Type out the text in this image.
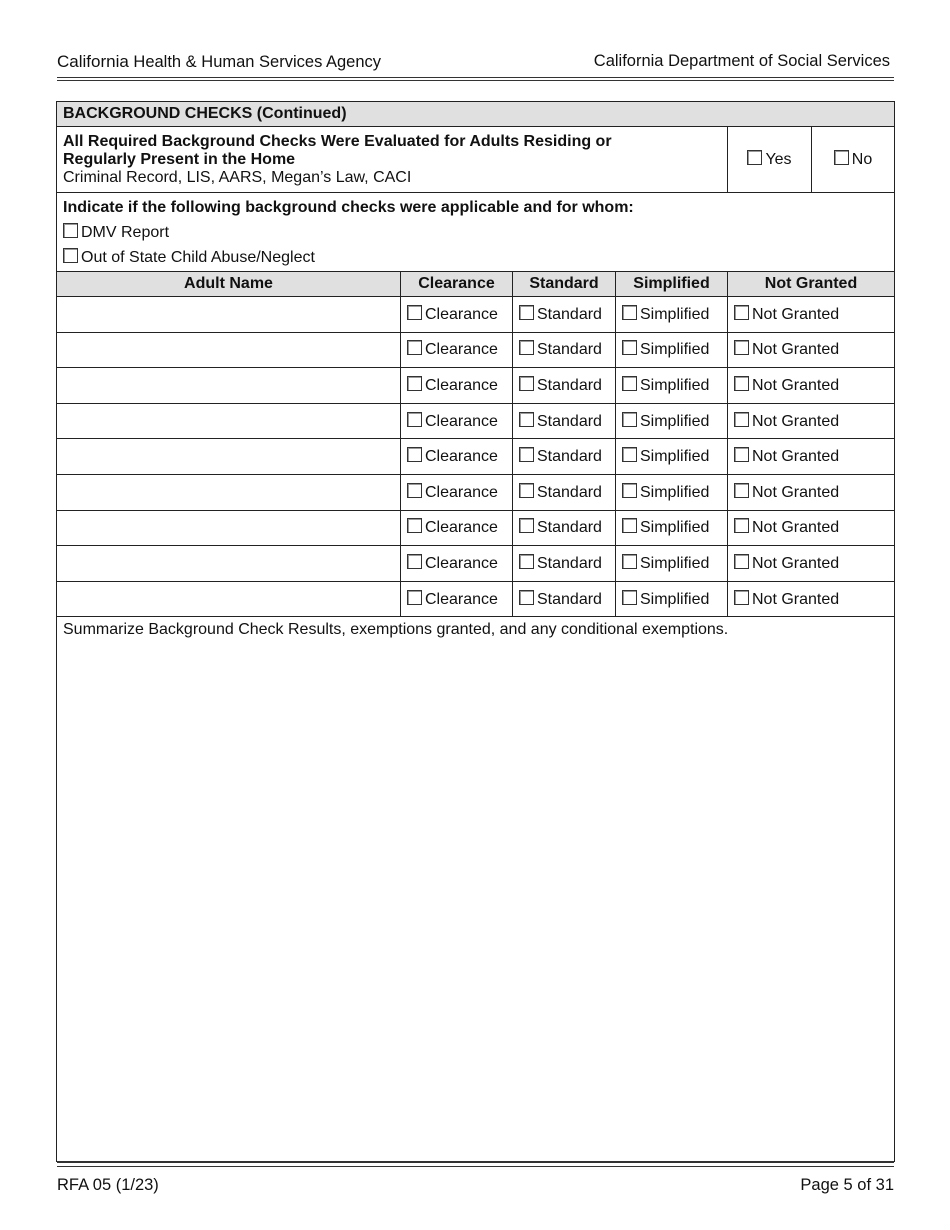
California Health & Human Services Agency	California Department of Social Services
BACKGROUND CHECKS (Continued)					

All Required Background Checks Were Evaluated for Adults Residing or
Regularly Present in the Home
Criminal Record, LIS, AARS, Megan’s Law, CACI				Yes	No

Indicate if the following background checks were applicable and for whom:
DMV Report
Out of State Child Abuse/Neglect					

Adult Name	Clearance	Standard	Simplified	Not Granted	
	Clearance	Standard	Simplified	Not Granted	
	Clearance	Standard	Simplified	Not Granted	
	Clearance	Standard	Simplified	Not Granted	
	Clearance	Standard	Simplified	Not Granted	
	Clearance	Standard	Simplified	Not Granted	
	Clearance	Standard	Simplified	Not Granted	
	Clearance	Standard	Simplified	Not Granted	
	Clearance	Standard	Simplified	Not Granted	
	Clearance	Standard	Simplified	Not Granted	
Summarize Background Check Results, exemptions granted, and any conditional exemptions.					
RFA 05 (1/23)	Page 5 of 31
